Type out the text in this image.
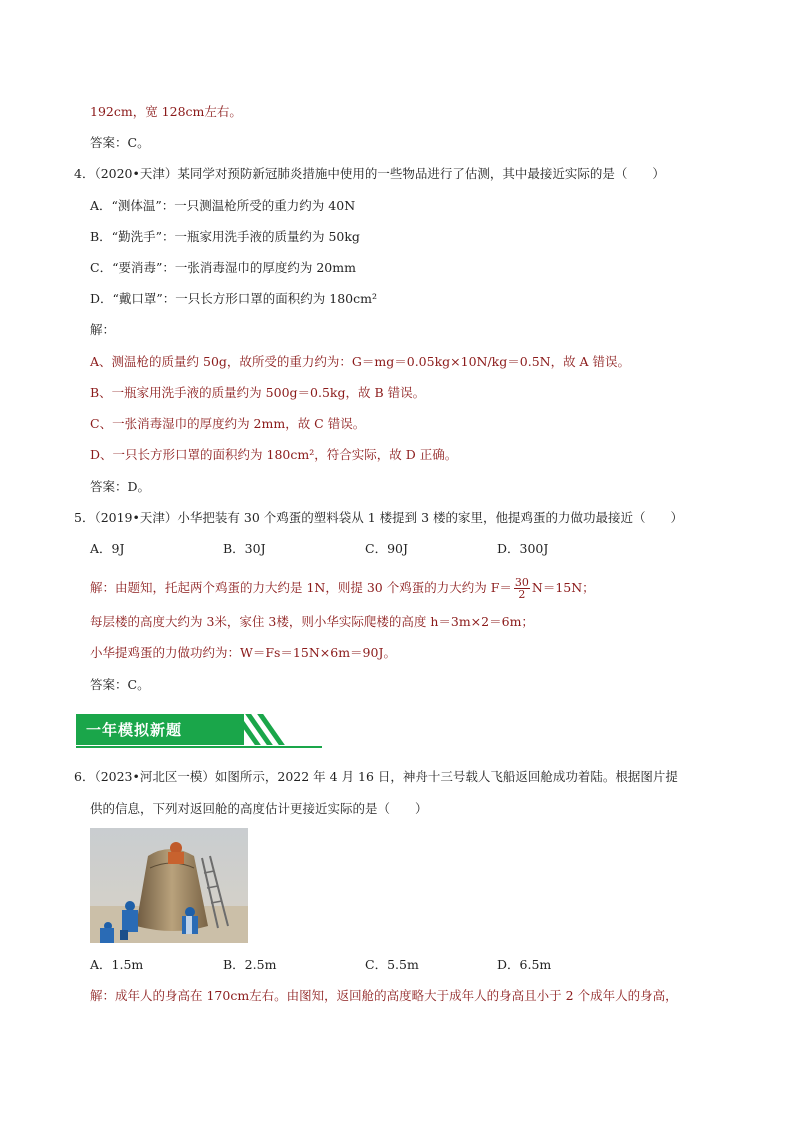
192cm，宽 128cm左右。
答案：C。
4．（2020•天津）某同学对预防新冠肺炎措施中使用的一些物品进行了估测，其中最接近实际的是（　　）
A．“测体温”：一只测温枪所受的重力约为 40N
B．“勤洗手”：一瓶家用洗手液的质量约为 50kg
C．“要消毒”：一张消毒湿巾的厚度约为 20mm
D．“戴口罩”：一只长方形口罩的面积约为 180cm²
解：
A、测温枪的质量约 50g，故所受的重力约为：G＝mg＝0.05kg×10N/kg＝0.5N，故 A 错误。
B、一瓶家用洗手液的质量约为 500g＝0.5kg，故 B 错误。
C、一张消毒湿巾的厚度约为 2mm，故 C 错误。
D、一只长方形口罩的面积约为 180cm²，符合实际，故 D 正确。
答案：D。
5．（2019•天津）小华把装有 30 个鸡蛋的塑料袋从 1 楼提到 3 楼的家里，他提鸡蛋的力做功最接近（　　）
A．9J	B．30J	C．90J	D．300J
解：由题知，托起两个鸡蛋的力大约是 1N，则提 30 个鸡蛋的力大约为 $F= \frac{30}{2} N=15N$；
每层楼的高度大约为 3米，家住 3楼，则小华实际爬楼的高度 h＝3m×2＝6m；
小华提鸡蛋的力做功约为：W＝Fs＝15N×6m＝90J。
答案：C。
一年模拟新题
6．（2023•河北区一模）如图所示，2022 年 4 月 16 日，神舟十三号载人飞船返回舱成功着陆。根据图片提
供的信息，下列对返回舱的高度估计更接近实际的是（　　）
A．1.5m	B．2.5m	C．5.5m	D．6.5m
解：成年人的身高在 170cm左右。由图知，返回舱的高度略大于成年人的身高且小于 2 个成年人的身高，
